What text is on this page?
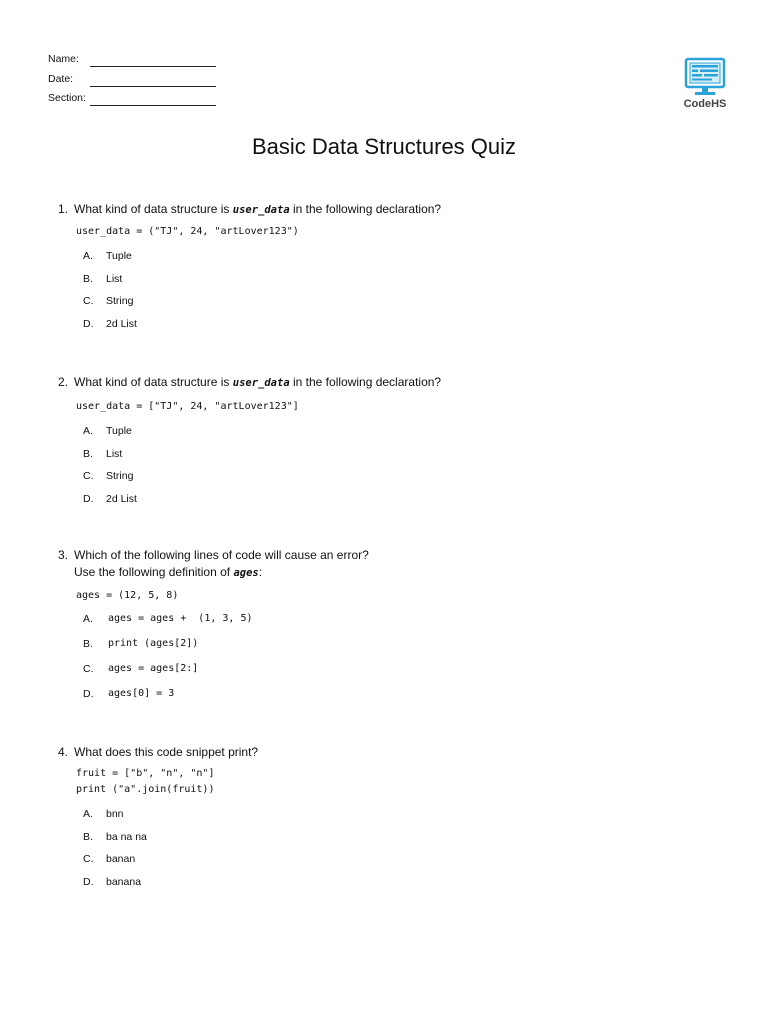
Name:
Date:
Section:	CodeHS
Basic Data Structures Quiz
1. What kind of data structure is user_data in the following declaration?
user_data = ("TJ", 24, "artLover123")
A. Tuple
B. List
C. String
D. 2d List
2. What kind of data structure is user_data in the following declaration?
user_data = ["TJ", 24, "artLover123"]
A. Tuple
B. List
C. String
D. 2d List
3. Which of the following lines of code will cause an error?
Use the following definition of ages:
ages = (12, 5, 8)
A. ages = ages +  (1, 3, 5)
B. print (ages[2])
C. ages = ages[2:]
D. ages[0] = 3
4. What does this code snippet print?
fruit = ["b", "n", "n"]
print ("a".join(fruit))
A. bnn
B. ba na na
C. banan
D. banana
